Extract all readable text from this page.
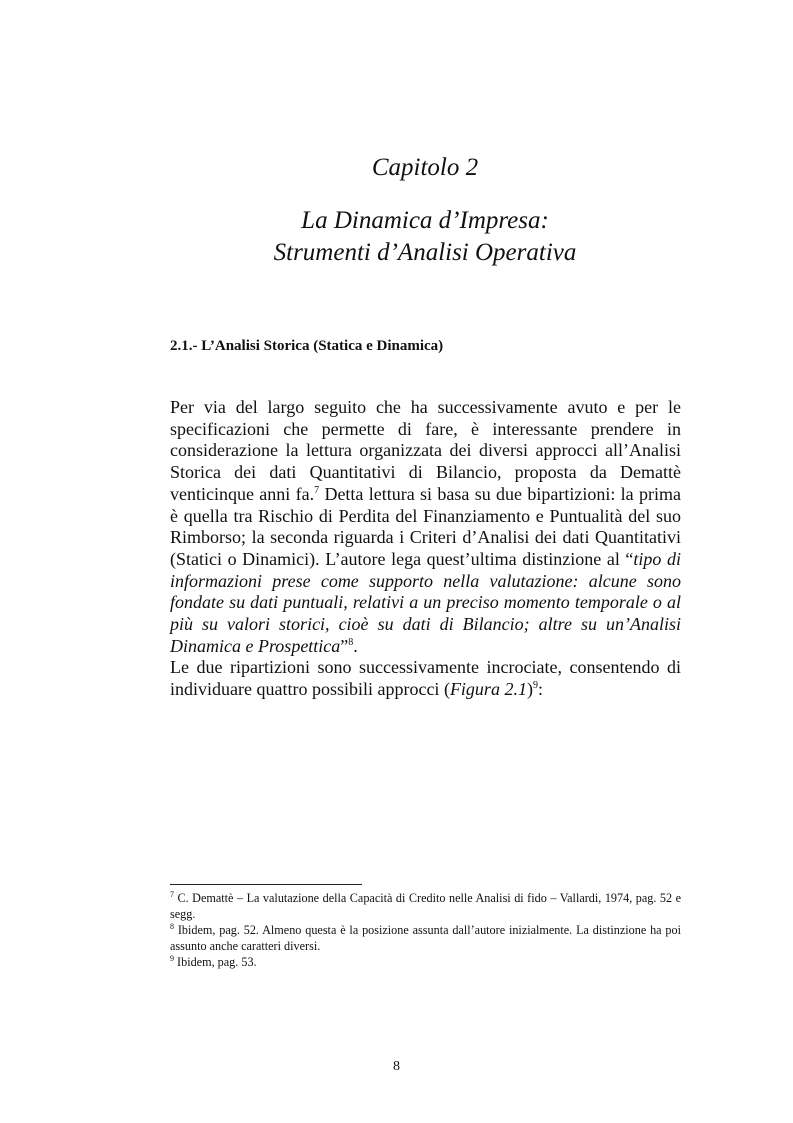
Capitolo 2
La Dinamica d’Impresa:
Strumenti d’Analisi Operativa
2.1.- L’Analisi Storica (Statica e Dinamica)

Per via del largo seguito che ha successivamente avuto e per le specificazioni che permette di fare, è interessante prendere in considerazione la lettura organizzata dei diversi approcci all’Analisi Storica dei dati Quantitativi di Bilancio, proposta da Demattè venticinque anni fa.$^7$ Detta lettura si basa su due bipartizioni: la prima è quella tra Rischio di Perdita del Finanziamento e Puntualità del suo Rimborso; la seconda riguarda i Criteri d’Analisi dei dati Quantitativi (Statici o Dinamici). L’autore lega quest’ultima distinzione al “tipo di informazioni prese come supporto nella valutazione: alcune sono fondate su dati puntuali, relativi a un preciso momento temporale o al più su valori storici, cioè su dati di Bilancio; altre su un’Analisi Dinamica e Prospettica”$^8$.

Le due ripartizioni sono successivamente incrociate, consentendo di individuare quattro possibili approcci (Figura 2.1)$^9$:

$^7$ C. Demattè – La valutazione della Capacità di Credito nelle Analisi di fido – Vallardi, 1974, pag. 52 e segg.
$^8$ Ibidem, pag. 52. Almeno questa è la posizione assunta dall’autore inizialmente. La distinzione ha poi assunto anche caratteri diversi.
$^9$ Ibidem, pag. 53.
8
